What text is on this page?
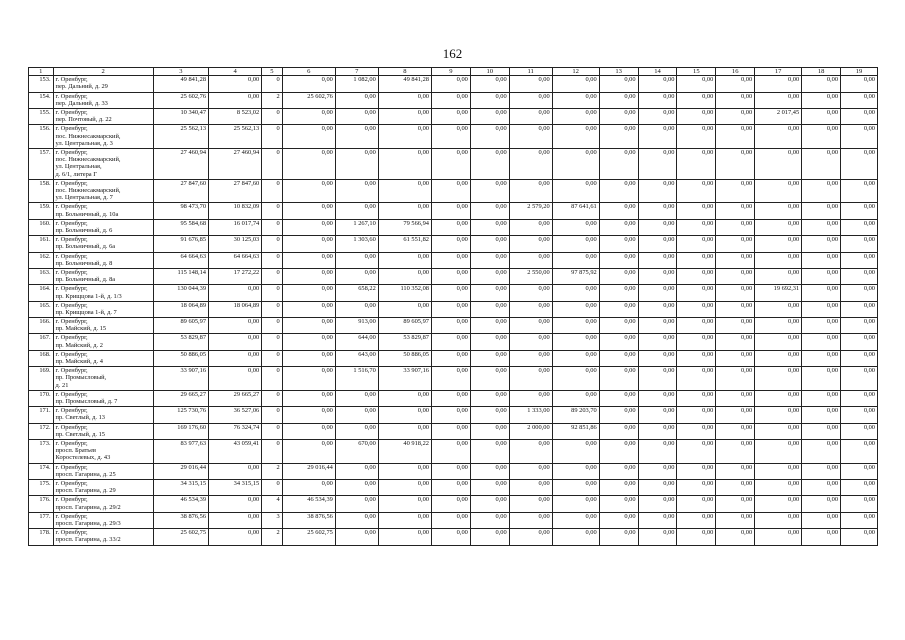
162
1	2	3	4	5	6	7	8	9	10	11	12	13	14	15	16	17	18	19
153.	г. Оренбург,
пер. Дальний, д. 29	49 841,28	0,00	0	0,00	1 082,00	49 841,28	0,00	0,00	0,00	0,00	0,00	0,00	0,00	0,00	0,00	0,00	0,00
154.	г. Оренбург,
пер. Дальний, д. 33	25 602,76	0,00	2	25 602,76	0,00	0,00	0,00	0,00	0,00	0,00	0,00	0,00	0,00	0,00	0,00	0,00	0,00
155.	г. Оренбург,
пер. Почтовый, д. 22	10 340,47	8 523,02	0	0,00	0,00	0,00	0,00	0,00	0,00	0,00	0,00	0,00	0,00	0,00	2 017,45	0,00	0,00
156.	г. Оренбург,
пос. Нижнесакмарский,
ул. Центральная, д. 3	25 562,13	25 562,13	0	0,00	0,00	0,00	0,00	0,00	0,00	0,00	0,00	0,00	0,00	0,00	0,00	0,00	0,00
157.	г. Оренбург,
пос. Нижнесакмарский,
ул. Центральная,
д. 6/1, литера Г	27 460,94	27 460,94	0	0,00	0,00	0,00	0,00	0,00	0,00	0,00	0,00	0,00	0,00	0,00	0,00	0,00	0,00
158.	г. Оренбург,
пос. Нижнесакмарский,
ул. Центральная, д. 7	27 847,60	27 847,60	0	0,00	0,00	0,00	0,00	0,00	0,00	0,00	0,00	0,00	0,00	0,00	0,00	0,00	0,00
159.	г. Оренбург,
пр. Больничный, д. 10а	98 473,70	10 832,09	0	0,00	0,00	0,00	0,00	0,00	2 579,20	87 641,61	0,00	0,00	0,00	0,00	0,00	0,00	0,00
160.	г. Оренбург,
пр. Больничный, д. 6	95 584,68	16 017,74	0	0,00	1 267,10	79 566,94	0,00	0,00	0,00	0,00	0,00	0,00	0,00	0,00	0,00	0,00	0,00
161.	г. Оренбург,
пр. Больничный, д. 6а	91 676,85	30 125,03	0	0,00	1 303,60	61 551,82	0,00	0,00	0,00	0,00	0,00	0,00	0,00	0,00	0,00	0,00	0,00
162.	г. Оренбург,
пр. Больничный, д. 8	64 664,63	64 664,63	0	0,00	0,00	0,00	0,00	0,00	0,00	0,00	0,00	0,00	0,00	0,00	0,00	0,00	0,00
163.	г. Оренбург,
пр. Больничный, д. 8а	115 148,14	17 272,22	0	0,00	0,00	0,00	0,00	0,00	2 550,00	97 875,92	0,00	0,00	0,00	0,00	0,00	0,00	0,00
164.	г. Оренбург,
пр. Крищцова 1-й, д. 1/3	130 044,39	0,00	0	0,00	658,22	110 352,08	0,00	0,00	0,00	0,00	0,00	0,00	0,00	0,00	19 692,31	0,00	0,00
165.	г. Оренбург,
пр. Крищцова 1-й, д. 7	18 064,89	18 064,89	0	0,00	0,00	0,00	0,00	0,00	0,00	0,00	0,00	0,00	0,00	0,00	0,00	0,00	0,00
166.	г. Оренбург,
пр. Майский, д. 15	89 605,97	0,00	0	0,00	913,00	89 605,97	0,00	0,00	0,00	0,00	0,00	0,00	0,00	0,00	0,00	0,00	0,00
167.	г. Оренбург,
пр. Майский, д. 2	53 829,87	0,00	0	0,00	644,00	53 829,87	0,00	0,00	0,00	0,00	0,00	0,00	0,00	0,00	0,00	0,00	0,00
168.	г. Оренбург,
пр. Майский, д. 4	50 886,05	0,00	0	0,00	643,00	50 886,05	0,00	0,00	0,00	0,00	0,00	0,00	0,00	0,00	0,00	0,00	0,00
169.	г. Оренбург,
пр. Промысловый,
д. 21	33 907,16	0,00	0	0,00	1 516,70	33 907,16	0,00	0,00	0,00	0,00	0,00	0,00	0,00	0,00	0,00	0,00	0,00
170.	г. Оренбург,
пр. Промысловый, д. 7	29 665,27	29 665,27	0	0,00	0,00	0,00	0,00	0,00	0,00	0,00	0,00	0,00	0,00	0,00	0,00	0,00	0,00
171.	г. Оренбург,
пр. Светлый, д. 13	125 730,76	36 527,06	0	0,00	0,00	0,00	0,00	0,00	1 333,00	89 203,70	0,00	0,00	0,00	0,00	0,00	0,00	0,00
172.	г. Оренбург,
пр. Светлый, д. 15	169 176,60	76 324,74	0	0,00	0,00	0,00	0,00	0,00	2 000,00	92 851,86	0,00	0,00	0,00	0,00	0,00	0,00	0,00
173.	г. Оренбург,
просп. Братьев
Коростелевых, д. 43	83 977,63	43 059,41	0	0,00	670,00	40 918,22	0,00	0,00	0,00	0,00	0,00	0,00	0,00	0,00	0,00	0,00	0,00
174.	г. Оренбург,
просп. Гагарина, д. 25	29 016,44	0,00	2	29 016,44	0,00	0,00	0,00	0,00	0,00	0,00	0,00	0,00	0,00	0,00	0,00	0,00	0,00
175.	г. Оренбург,
просп. Гагарина, д. 29	34 315,15	34 315,15	0	0,00	0,00	0,00	0,00	0,00	0,00	0,00	0,00	0,00	0,00	0,00	0,00	0,00	0,00
176.	г. Оренбург,
просп. Гагарина, д. 29/2	46 534,39	0,00	4	46 534,39	0,00	0,00	0,00	0,00	0,00	0,00	0,00	0,00	0,00	0,00	0,00	0,00	0,00
177.	г. Оренбург,
просп. Гагарина, д. 29/3	38 876,56	0,00	3	38 876,56	0,00	0,00	0,00	0,00	0,00	0,00	0,00	0,00	0,00	0,00	0,00	0,00	0,00
178.	г. Оренбург,
просп. Гагарина, д. 33/2	25 602,75	0,00	2	25 602,75	0,00	0,00	0,00	0,00	0,00	0,00	0,00	0,00	0,00	0,00	0,00	0,00	0,00
